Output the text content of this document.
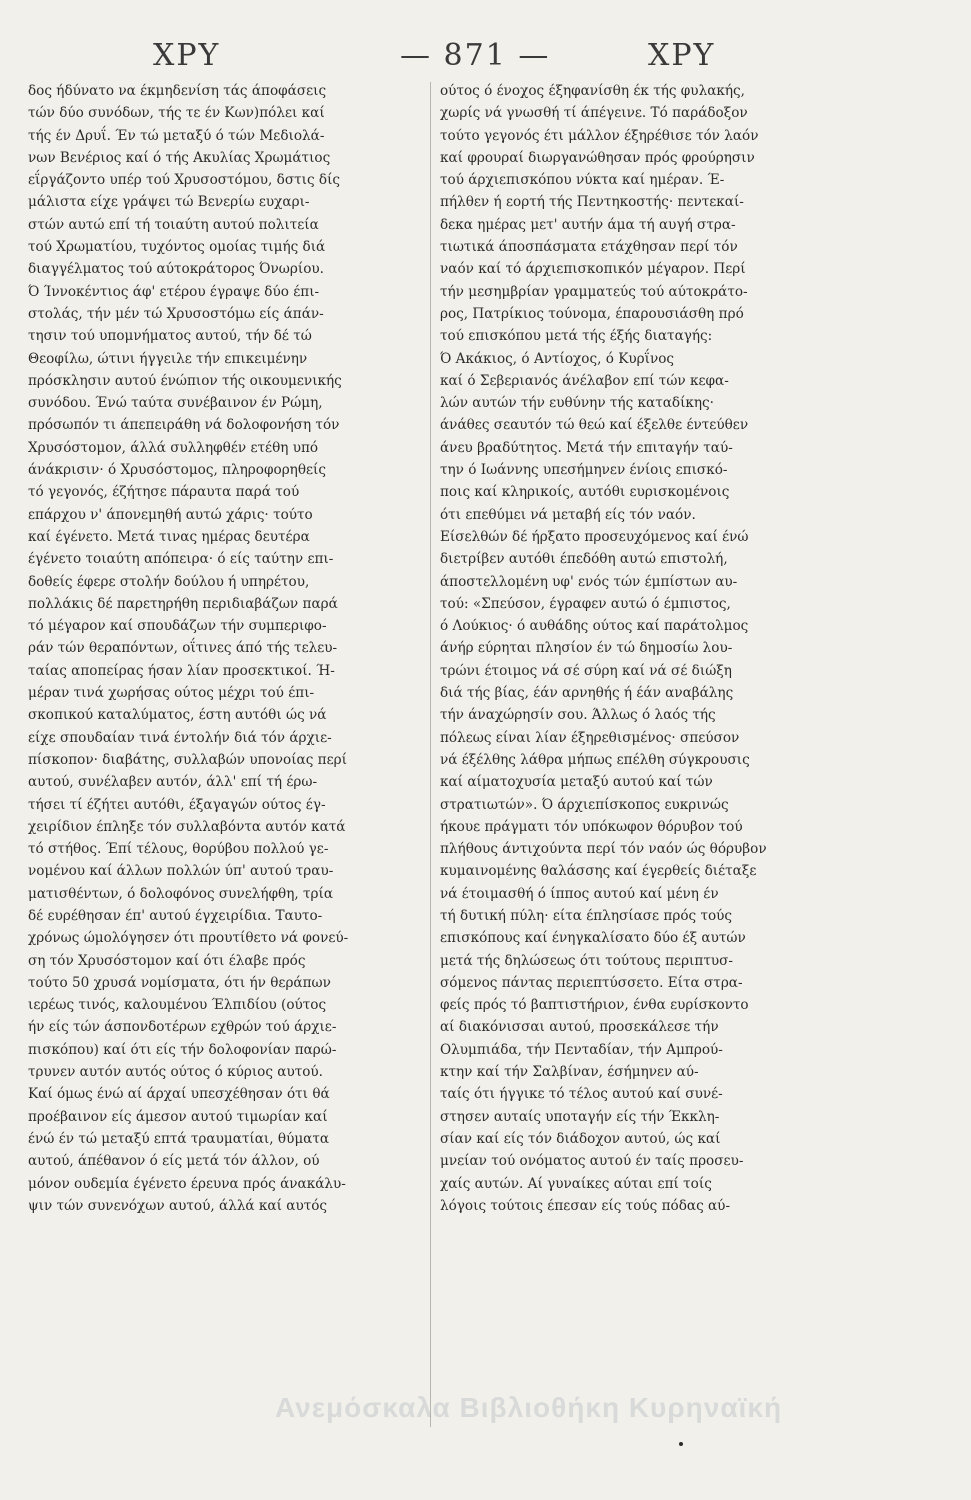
ΧΡΥ	— 871 —	ΧΡΥ
δος ήδύνατο να έκμηδενίση τάς άποφάσεις
τών δύο συνόδων, τής τε έν Κων)πόλει καί
τής έν Δρυΐ. Έν τώ μεταξύ ό τών Μεδιολά-
νων Βενέριος καί ό τής Ακυλίας Χρωμάτιος
εΐργάζοντο υπέρ τού Χρυσοστόμου, δστις δίς
μάλιστα είχε γράψει τώ Βενερίω ευχαρι-
στών αυτώ επί τή τοιαύτη αυτού πολιτεία
τού Χρωματίου, τυχόντος ομοίας τιμής διά
διαγγέλματος τού αύτοκράτορος Όνωρίου.
Ό Ίννοκέντιος άφ' ετέρου έγραψε δύο έπι-
στολάς, τήν μέν τώ Χρυσοστόμω είς άπάν-
τησιν τού υπομνήματος αυτού, τήν δέ τώ
Θεοφίλω, ώτινι ήγγειλε τήν επικειμένην
πρόσκλησιν αυτού ένώπιον τής οικουμενικής
συνόδου. Ένώ ταύτα συνέβαινον έν Ρώμη,
πρόσωπόν τι άπεπειράθη νά δολοφονήση τόν
Χρυσόστομον, άλλά συλληφθέν ετέθη υπό
άνάκρισιν· ό Χρυσόστομος, πληροφορηθείς
τό γεγονός, έζήτησε πάραυτα παρά τού
επάρχου ν' άπονεμηθή αυτώ χάρις· τούτο
καί έγένετο. Μετά τινας ημέρας δευτέρα
έγένετο τοιαύτη απόπειρα· ό είς ταύτην επι-
δοθείς έφερε στολήν δούλου ή υπηρέτου,
πολλάκις δέ παρετηρήθη περιδιαβάζων παρά
τό μέγαρον καί σπουδάζων τήν συμπεριφο-
ράν τών θεραπόντων, οΐτινες άπό τής τελευ-
ταίας αποπείρας ήσαν λίαν προσεκτικοί. Ή-
μέραν τινά χωρήσας ούτος μέχρι τού έπι-
σκοπικού καταλύματος, έστη αυτόθι ώς νά
είχε σπουδαίαν τινά έντολήν διά τόν άρχιε-
πίσκοπον· διαβάτης, συλλαβών υπονοίας περί
αυτού, συνέλαβεν αυτόν, άλλ' επί τή έρω-
τήσει τί έζήτει αυτόθι, έξαγαγών ούτος έγ-
χειρίδιον έπληξε τόν συλλαβόντα αυτόν κατά
τό στήθος. Έπί τέλους, θορύβου πολλού γε-
νομένου καί άλλων πολλών ύπ' αυτού τραυ-
ματισθέντων, ό δολοφόνος συνελήφθη, τρία
δέ ευρέθησαν έπ' αυτού έγχειρίδια. Ταυτο-
χρόνως ώμολόγησεν ότι προυτίθετο νά φονεύ-
ση τόν Χρυσόστομον καί ότι έλαβε πρός
τούτο 50 χρυσά νομίσματα, ότι ήν θεράπων
ιερέως τινός, καλουμένου Έλπιδίου (ούτος
ήν είς τών άσπονδοτέρων εχθρών τού άρχιε-
πισκόπου) καί ότι είς τήν δολοφονίαν παρώ-
τρυνεν αυτόν αυτός ούτος ό κύριος αυτού.
Καί όμως ένώ αί άρχαί υπεσχέθησαν ότι θά
προέβαινον είς άμεσον αυτού τιμωρίαν καί
ένώ έν τώ μεταξύ επτά τραυματίαι, θύματα
αυτού, άπέθανον ό είς μετά τόν άλλον, ού
μόνον ουδεμία έγένετο έρευνα πρός άνακάλυ-
ψιν τών συνενόχων αυτού, άλλά καί αυτός
ούτος ό ένοχος έξηφανίσθη έκ τής φυλακής,
χωρίς νά γνωσθή τί άπέγεινε. Τό παράδοξον
τούτο γεγονός έτι μάλλον έξηρέθισε τόν λαόν
καί φρουραί διωργανώθησαν πρός φρούρησιν
τού άρχιεπισκόπου νύκτα καί ημέραν. Έ-
πήλθεν ή εορτή τής Πεντηκοστής· πεντεκαί-
δεκα ημέρας μετ' αυτήν άμα τή αυγή στρα-
τιωτικά άποσπάσματα ετάχθησαν περί τόν
ναόν καί τό άρχιεπισκοπικόν μέγαρον. Περί
τήν μεσημβρίαν γραμματεύς τού αύτοκράτο-
ρος, Πατρίκιος τούνομα, έπαρουσιάσθη πρό
τού επισκόπου μετά τής έξής διαταγής:
Ό Ακάκιος, ό Αντίοχος, ό Κυρΐνος
καί ό Σεβεριανός άνέλαβον επί τών κεφα-
λών αυτών τήν ευθύνην τής καταδίκης·
άνάθες σεαυτόν τώ θεώ καί έξελθε έντεύθεν
άνευ βραδύτητος. Μετά τήν επιταγήν ταύ-
την ό Ιωάννης υπεσήμηνεν ένίοις επισκό-
ποις καί κληρικοίς, αυτόθι ευρισκομένοις
ότι επεθύμει νά μεταβή είς τόν ναόν.
Είσελθών δέ ήρξατο προσευχόμενος καί ένώ
διετρίβεν αυτόθι έπεδόθη αυτώ επιστολή,
άποστελλομένη υφ' ενός τών έμπίστων αυ-
τού: «Σπεύσον, έγραφεν αυτώ ό έμπιστος,
ό Λούκιος· ό αυθάδης ούτος καί παράτολμος
άνήρ εύρηται πλησίον έν τώ δημοσίω λου-
τρώνι έτοιμος νά σέ σύρη καί νά σέ διώξη
διά τής βίας, έάν αρνηθής ή έάν αναβάλης
τήν άναχώρησίν σου. Άλλως ό λαός τής
πόλεως είναι λίαν έξηρεθισμένος· σπεύσον
νά έξέλθης λάθρα μήπως επέλθη σύγκρουσις
καί αίματοχυσία μεταξύ αυτού καί τών
στρατιωτών». Ό άρχιεπίσκοπος ευκρινώς
ήκουε πράγματι τόν υπόκωφον θόρυβον τού
πλήθους άντιχούντα περί τόν ναόν ώς θόρυβον
κυμαινομένης θαλάσσης καί έγερθείς διέταξε
νά έτοιμασθή ό ίππος αυτού καί μένη έν
τή δυτική πύλη· είτα έπλησίασε πρός τούς
επισκόπους καί ένηγκαλίσατο δύο έξ αυτών
μετά τής δηλώσεως ότι τούτους περιπτυσ-
σόμενος πάντας περιεπτύσσετο. Είτα στρα-
φείς πρός τό βαπτιστήριον, ένθα ευρίσκοντο
αί διακόνισσαι αυτού, προσεκάλεσε τήν
Ολυμπιάδα, τήν Πενταδίαν, τήν Αμπρού-
κτην καί τήν Σαλβίναν, έσήμηνεν αύ-
ταίς ότι ήγγικε τό τέλος αυτού καί συνέ-
στησεν αυταίς υποταγήν είς τήν Έκκλη-
σίαν καί είς τόν διάδοχον αυτού, ώς καί
μνείαν τού ονόματος αυτού έν ταίς προσευ-
χαίς αυτών. Αί γυναίκες αύται επί τοίς
λόγοις τούτοις έπεσαν είς τούς πόδας αύ-
Ανεμόσκαλα Βιβλιοθήκη Κυρηναϊκή
